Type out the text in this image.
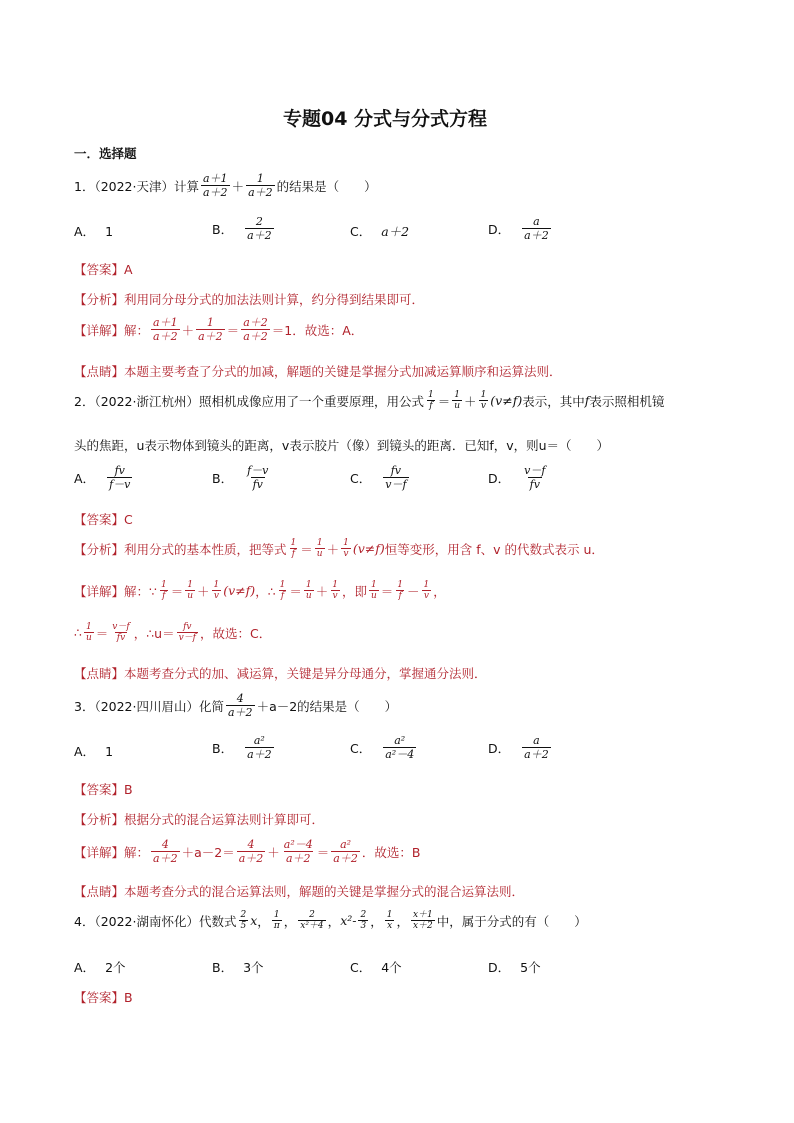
专题04 分式与分式方程
一．选择题
1．（2022·天津）计算 $\frac{a+1}{a+2} + \frac{1}{a+2}$ 的结果是（　　）
A． 1	B． $\frac{2}{a+2}$	C． a＋2	D． $\frac{a}{a+2}$
【答案】A
【分析】利用同分母分式的加法法则计算，约分得到结果即可．
【详解】 解： $\frac{a+1}{a+2} + \frac{1}{a+2} = \frac{a+2}{a+2} =1$．故选：A．
【点睛】本题主要考查了分式的加减，解题的关键是掌握分式加减运算顺序和运算法则．
2．（2022·浙江杭州）照相机成像应用了一个重要原理，用公式 $\frac{1}{f} = \frac{1}{u} + \frac{1}{v} (v\ne f)$ 表示，其中 f 表示照相机镜
头的焦距，u表示物体到镜头的距离，v表示胶片（像）到镜头的距离．已知f，v，则u＝（　　）
A． $\frac{fv}{f-v}$	B． $\frac{f-v}{fv}$	C． $\frac{fv}{v-f}$	D． $\frac{v-f}{fv}$
【答案】C
【分析】 利用分式的基本性质，把等式 $\frac{1}{f} = \frac{1}{u} + \frac{1}{v} (v\ne f)$ 恒等变形，用含 f、v 的代数式表示 u．
【详解】 解：∵ $\frac{1}{f} = \frac{1}{u} + \frac{1}{v} (v\ne f)$ ，∴ $\frac{1}{f} = \frac{1}{u} + \frac{1}{v}$ ，即 $\frac{1}{u} = \frac{1}{f} - \frac{1}{v}$ ，
∴ $\frac{1}{u} = \frac{v-f}{fv}$ ，∴u＝ $\frac{fv}{v-f}$ ，故选：C．
【点睛】本题考查分式的加、减运算，关键是异分母通分，掌握通分法则．
3．（2022·四川眉山）化简 $\frac{4}{a+2} +a-2$的结果是（　　）
A． 1	B． $\frac{\text{a²}}{a+2}$	C． $\frac{\text{a²}}{\text{a²－4}}$	D． $\frac{a}{a+2}$
【答案】B
【分析】根据分式的混合运算法则计算即可．
【详解】 解： $\frac{4}{a+2} +a-2= \frac{4}{a+2} + \frac{\text{a²－4}}{a+2} = \frac{\text{a²}}{a+2}$ ．故选：B
【点睛】本题考查分式的混合运算法则，解题的关键是掌握分式的混合运算法则．
4．（2022·湖南怀化）代数式 $\frac{2}{5}$ x ， $\frac{1}{\pi}$ ， $\frac{2}{\text{x²＋4}}$ ， $x^2- \frac{2}{3}$ ， $\frac{1}{x}$ ， $\frac{x+1}{x+2}$ 中，属于分式的有（　　）
A． 2个	B． 3个	C． 4个	D． 5个
【答案】B
